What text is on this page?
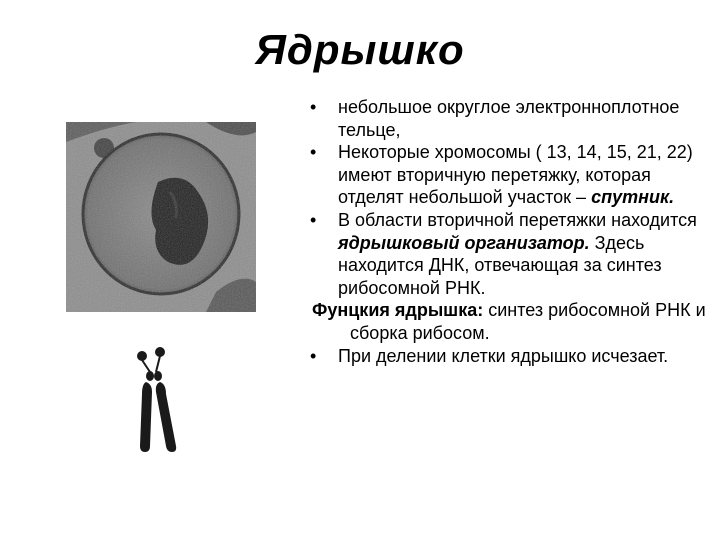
Ядрышко
• небольшое округлое электронноплотное тельце,
• Некоторые хромосомы ( 13, 14, 15, 21, 22) имеют вторичную перетяжку, которая отделят небольшой участок – спутник.
• В области вторичной перетяжки находится ядрышковый организатор. Здесь находится ДНК, отвечающая за синтез рибосомной РНК.
Фунцкия ядрышка: синтез рибосомной РНК и сборка рибосом.
• При делении клетки ядрышко исчезает.
